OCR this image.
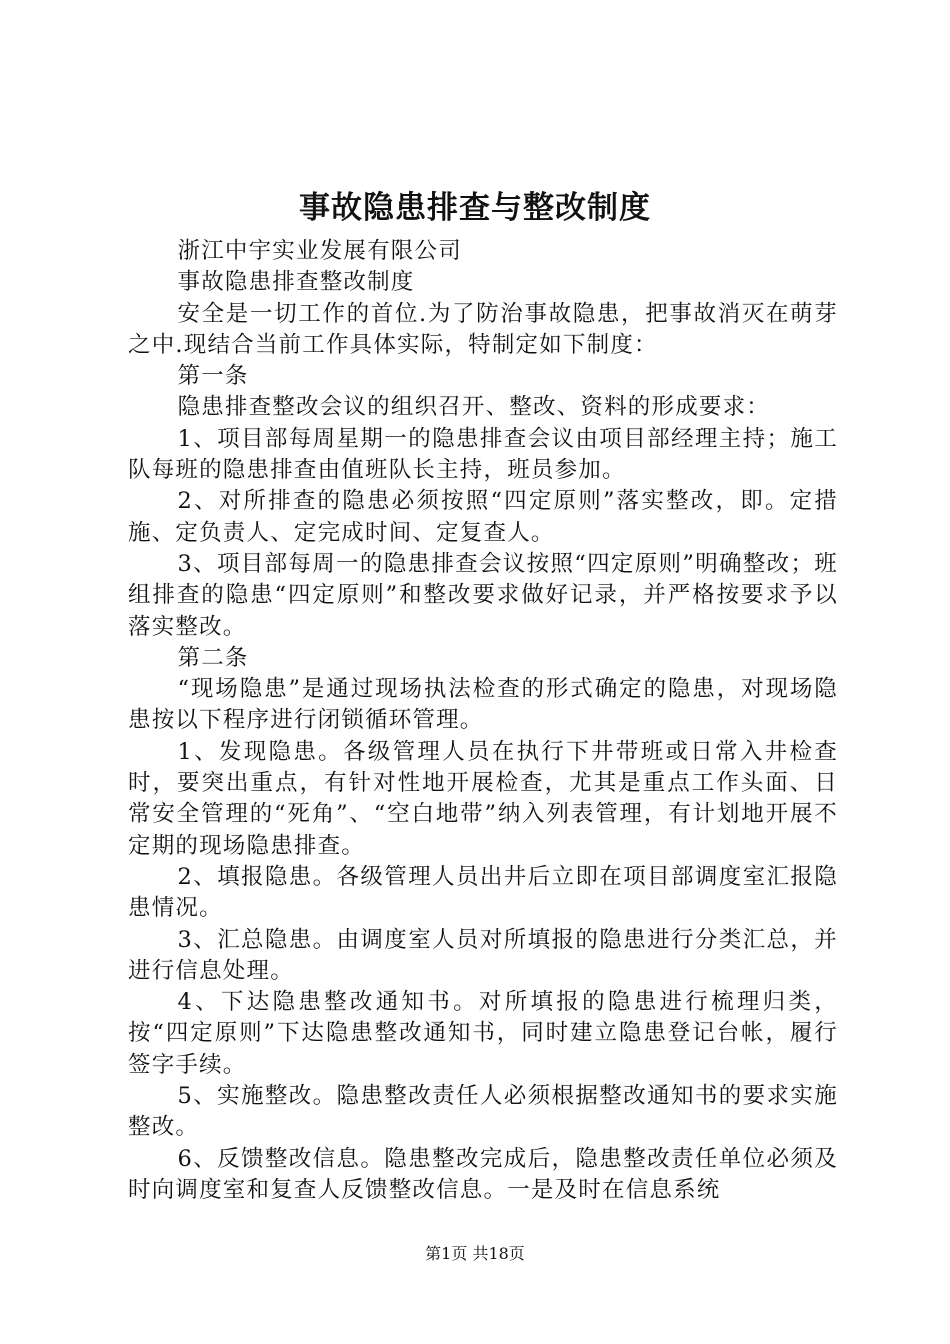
事故隐患排查与整改制度

浙江中宇实业发展有限公司

事故隐患排查整改制度

安全是一切工作的首位.为了防治事故隐患，把事故消灭在萌芽之中.现结合当前工作具体实际，特制定如下制度：

第一条

隐患排查整改会议的组织召开、整改、资料的形成要求：

1、项目部每周星期一的隐患排查会议由项目部经理主持；施工队每班的隐患排查由值班队长主持，班员参加。

2、对所排查的隐患必须按照“四定原则”落实整改，即。定措施、定负责人、定完成时间、定复查人。

3、项目部每周一的隐患排查会议按照“四定原则”明确整改；班组排查的隐患“四定原则”和整改要求做好记录，并严格按要求予以落实整改。

第二条

“现场隐患”是通过现场执法检查的形式确定的隐患，对现场隐患按以下程序进行闭锁循环管理。

1、发现隐患。各级管理人员在执行下井带班或日常入井检查时，要突出重点，有针对性地开展检查，尤其是重点工作头面、日常安全管理的“死角”、“空白地带”纳入列表管理，有计划地开展不定期的现场隐患排查。

2、填报隐患。各级管理人员出井后立即在项目部调度室汇报隐患情况。

3、汇总隐患。由调度室人员对所填报的隐患进行分类汇总，并进行信息处理。

4、下达隐患整改通知书。对所填报的隐患进行梳理归类，按“四定原则”下达隐患整改通知书，同时建立隐患登记台帐，履行签字手续。

5、实施整改。隐患整改责任人必须根据整改通知书的要求实施整改。

6、反馈整改信息。隐患整改完成后，隐患整改责任单位必须及时向调度室和复查人反馈整改信息。一是及时在信息系统

第1页 共18页
